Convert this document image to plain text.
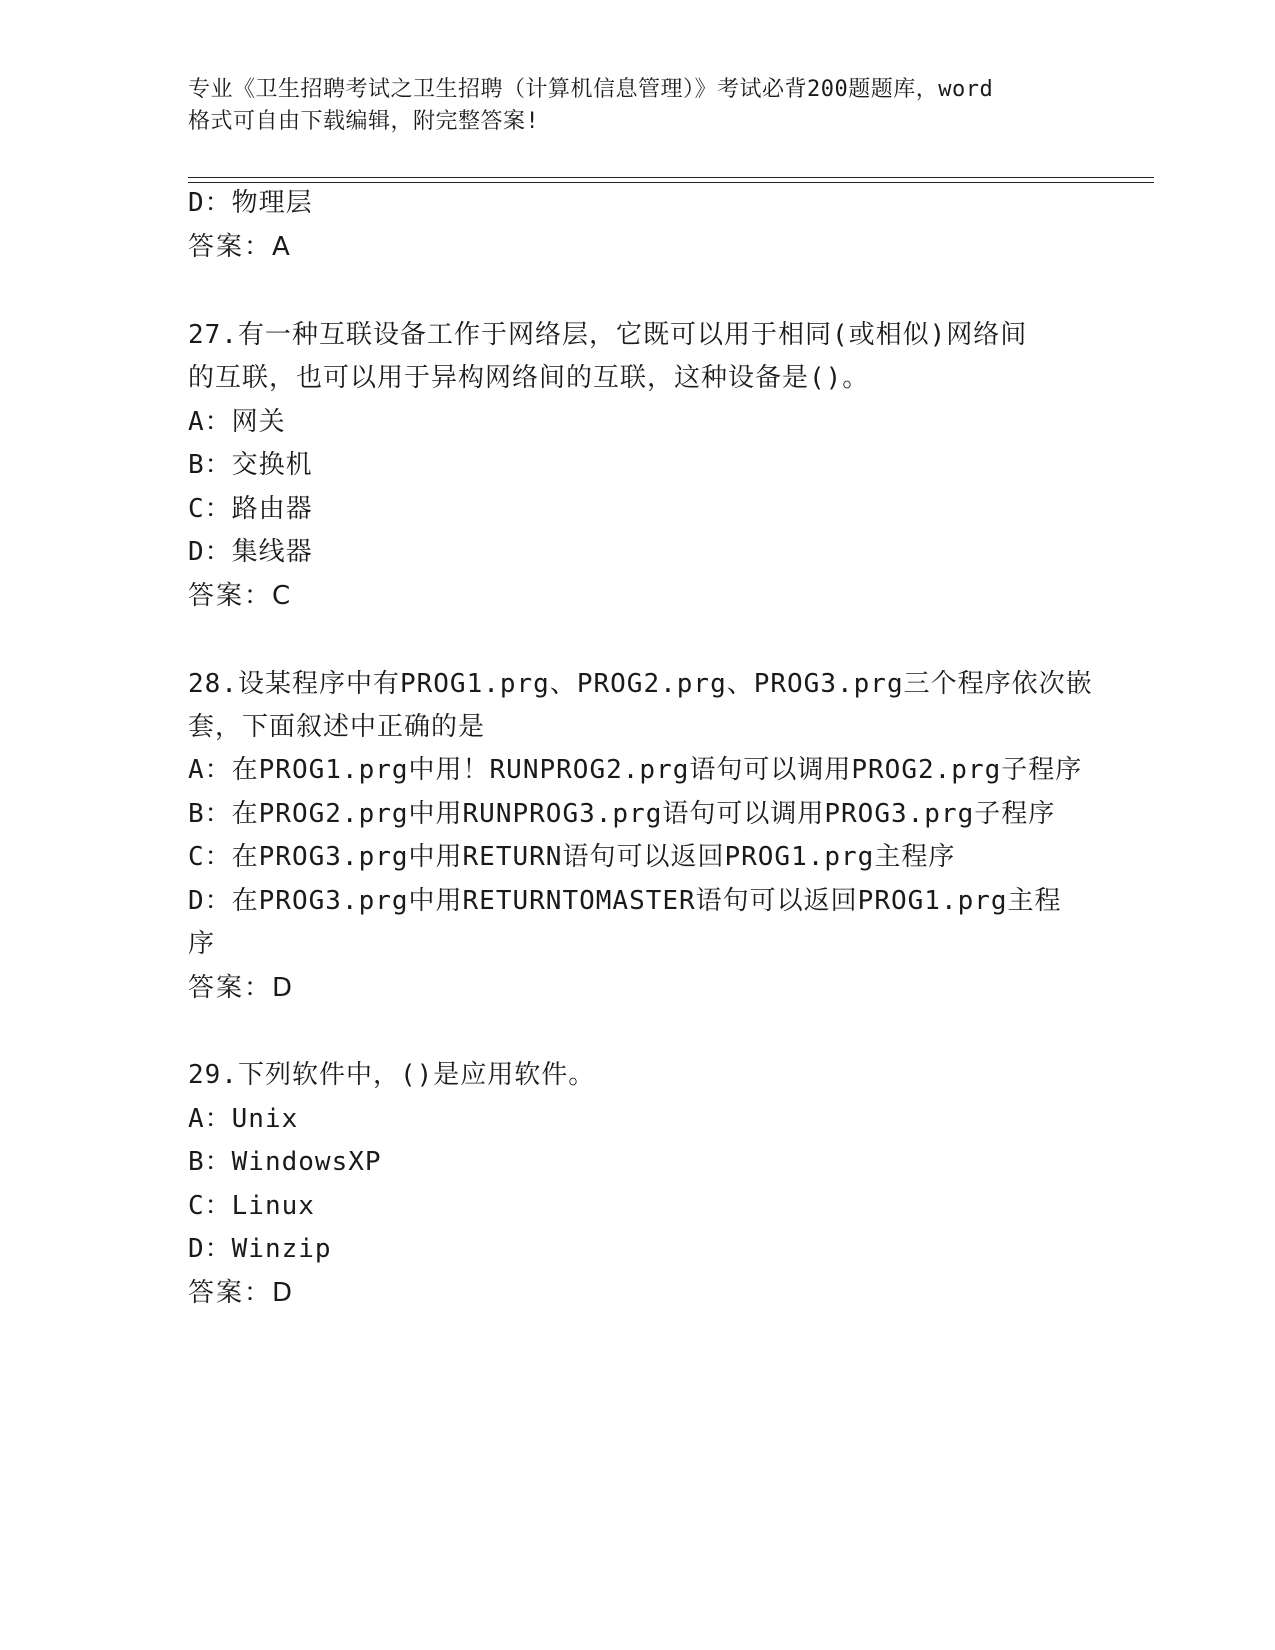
专业《卫生招聘考试之卫生招聘（计算机信息管理）》考试必背200题题库，word
格式可自由下载编辑，附完整答案!
D：物理层
答案：A
27.有一种互联设备工作于网络层，它既可以用于相同(或相似)网络间
的互联，也可以用于异构网络间的互联，这种设备是()。
A：网关
B：交换机
C：路由器
D：集线器
答案：C
28.设某程序中有PROG1.prg、PROG2.prg、PROG3.prg三个程序依次嵌
套，下面叙述中正确的是
A：在PROG1.prg中用！RUNPROG2.prg语句可以调用PROG2.prg子程序
B：在PROG2.prg中用RUNPROG3.prg语句可以调用PROG3.prg子程序
C：在PROG3.prg中用RETURN语句可以返回PROG1.prg主程序
D：在PROG3.prg中用RETURNTOMASTER语句可以返回PROG1.prg主程
序
答案：D
29.下列软件中，()是应用软件。
A：Unix
B：WindowsXP
C：Linux
D：Winzip
答案：D
